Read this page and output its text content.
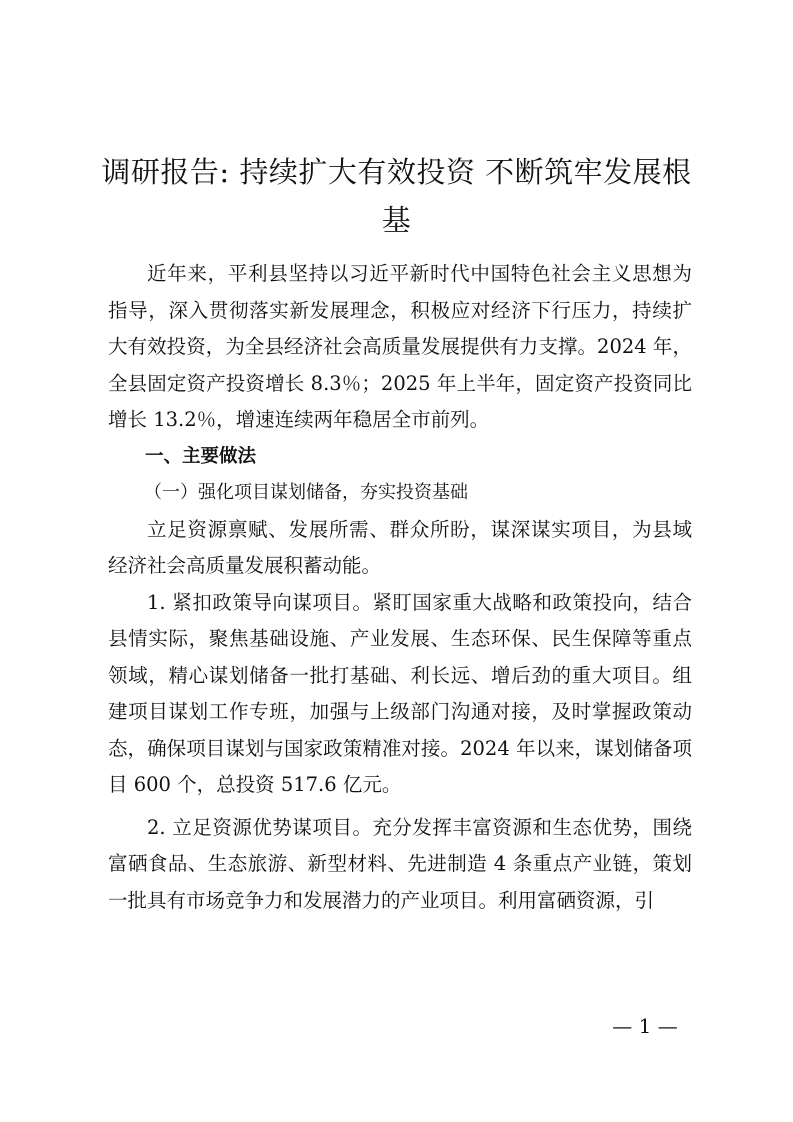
调研报告: 持续扩大有效投资 不断筑牢发展根基

近年来，平利县坚持以习近平新时代中国特色社会主义思想为指导，深入贯彻落实新发展理念，积极应对经济下行压力，持续扩大有效投资，为全县经济社会高质量发展提供有力支撑。2024 年，全县固定资产投资增长 8.3％；2025 年上半年，固定资产投资同比增长 13.2％，增速连续两年稳居全市前列。

一、主要做法

（一）强化项目谋划储备，夯实投资基础

立足资源禀赋、发展所需、群众所盼，谋深谋实项目，为县域经济社会高质量发展积蓄动能。

1. 紧扣政策导向谋项目。紧盯国家重大战略和政策投向，结合县情实际，聚焦基础设施、产业发展、生态环保、民生保障等重点领域，精心谋划储备一批打基础、利长远、增后劲的重大项目。组建项目谋划工作专班，加强与上级部门沟通对接，及时掌握政策动态，确保项目谋划与国家政策精准对接。2024 年以来，谋划储备项目 600 个，总投资 517.6 亿元。

2. 立足资源优势谋项目。充分发挥丰富资源和生态优势，围绕富硒食品、生态旅游、新型材料、先进制造 4 条重点产业链，策划一批具有市场竞争力和发展潜力的产业项目。利用富硒资源，引

— 1 —
